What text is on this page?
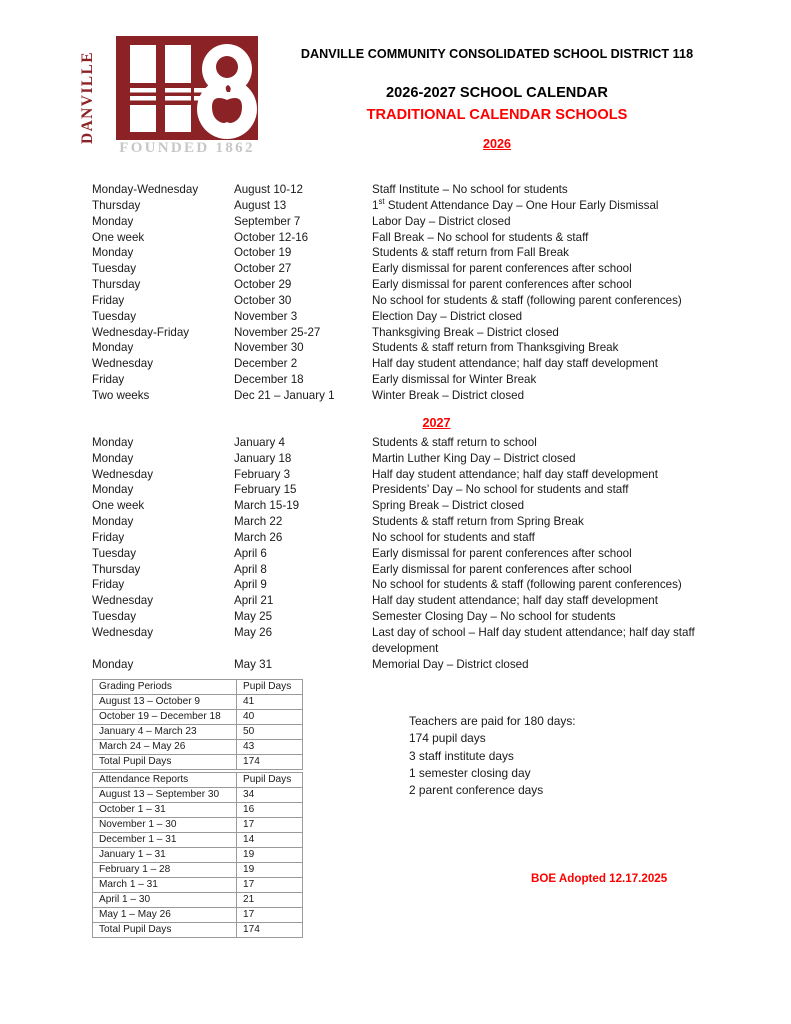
DANVILLE
FOUNDED 1862
DANVILLE COMMUNITY CONSOLIDATED SCHOOL DISTRICT 118
2026-2027 SCHOOL CALENDAR
TRADITIONAL CALENDAR SCHOOLS
2026
Monday-Wednesday	August 10-12	Staff Institute – No school for students
Thursday	August 13	1st Student Attendance Day – One Hour Early Dismissal
Monday	September 7	Labor Day – District closed
One week	October 12-16	Fall Break – No school for students & staff
Monday	October 19	Students & staff return from Fall Break
Tuesday	October 27	Early dismissal for parent conferences after school
Thursday	October 29	Early dismissal for parent conferences after school
Friday	October 30	No school for students & staff (following parent conferences)
Tuesday	November 3	Election Day – District closed
Wednesday-Friday	November 25-27	Thanksgiving Break – District closed
Monday	November 30	Students & staff return from Thanksgiving Break
Wednesday	December 2	Half day student attendance; half day staff development
Friday	December 18	Early dismissal for Winter Break
Two weeks	Dec 21 – January 1	Winter Break – District closed
2027
Monday	January 4	Students & staff return to school
Monday	January 18	Martin Luther King Day – District closed
Wednesday	February 3	Half day student attendance; half day staff development
Monday	February 15	Presidents’ Day – No school for students and staff
One week	March 15-19	Spring Break – District closed
Monday	March 22	Students & staff return from Spring Break
Friday	March 26	No school for students and staff
Tuesday	April 6	Early dismissal for parent conferences after school
Thursday	April 8	Early dismissal for parent conferences after school
Friday	April 9	No school for students & staff (following parent conferences)
Wednesday	April 21	Half day student attendance; half day staff development
Tuesday	May 25	Semester Closing Day – No school for students
Wednesday	May 26	Last day of school – Half day student attendance; half day staff development
Monday	May 31	Memorial Day – District closed
Grading Periods	Pupil Days
August 13 – October 9	41
October 19 – December 18	40
January 4 – March 23	50
March 24 – May 26	43
Total Pupil Days	174
Attendance Reports	Pupil Days
August 13 – September 30	34
October 1 – 31	16
November 1 – 30	17
December 1 – 31	14
January 1 – 31	19
February 1 – 28	19
March 1 – 31	17
April 1 – 30	21
May 1 – May 26	17
Total Pupil Days	174
Teachers are paid for 180 days:
174 pupil days
3 staff institute days
1 semester closing day
2 parent conference days
BOE Adopted 12.17.2025
